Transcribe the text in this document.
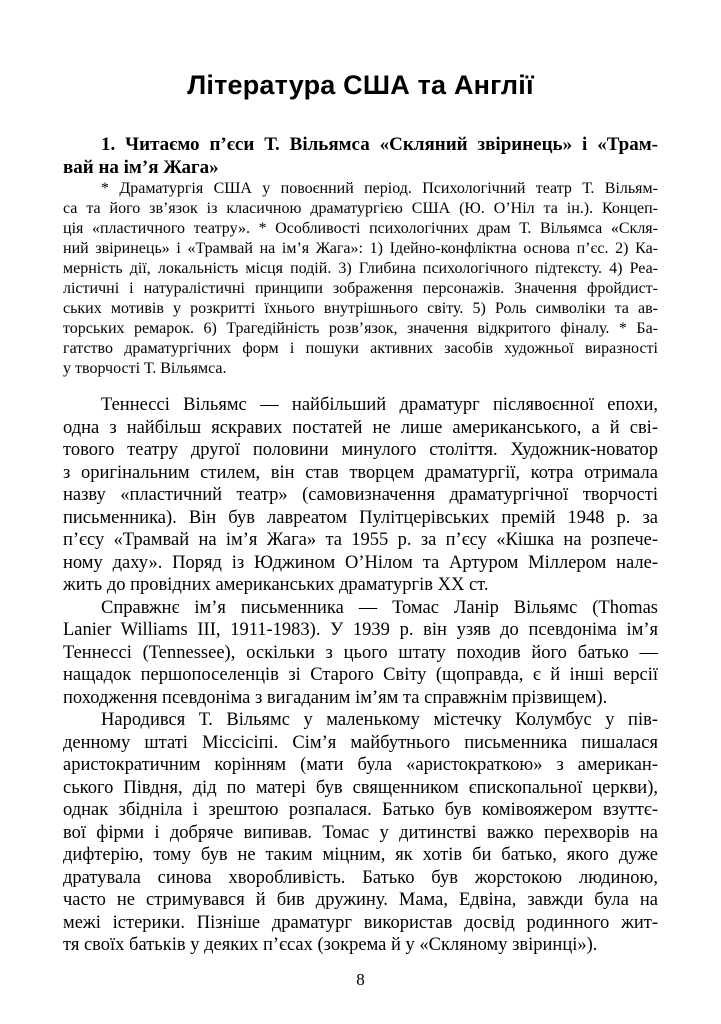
Література США та Англії
1. Читаємо п’єси Т. Вільямса «Скляний звіринець» і «Трам-
вай на ім’я Жага»
* Драматургія США у повоєнний період. Психологічний театр Т. Вільям-
са та його зв’язок із класичною драматургією США (Ю. О’Ніл та ін.). Концеп-
ція «пластичного театру». * Особливості психологічних драм Т. Вільямса «Скля-
ний звіринець» і «Трамвай на ім’я Жага»: 1) Ідейно-конфліктна основа п’єс. 2) Ка-
мерність дії, локальність місця подій. 3) Глибина психологічного підтексту. 4) Реа-
лістичні і натуралістичні принципи зображення персонажів. Значення фройдист-
ських мотивів у розкритті їхнього внутрішнього світу. 5) Роль символіки та ав-
торських ремарок. 6) Трагедійність розв’язок, значення відкритого фіналу. * Ба-
гатство драматургічних форм і пошуки активних засобів художньої виразності
у творчості Т. Вільямса.
Теннессі Вільямс — найбільший драматург післявоєнної епохи,
одна з найбільш яскравих постатей не лише американського, а й сві-
тового театру другої половини минулого століття. Художник-новатор
з оригінальним стилем, він став творцем драматургії, котра отримала
назву «пластичний театр» (самовизначення драматургічної творчості
письменника). Він був лавреатом Пулітцерівських премій 1948 р. за
п’єсу «Трамвай на ім’я Жага» та 1955 р. за п’єсу «Кішка на розпече-
ному даху». Поряд із Юджином О’Нілом та Артуром Міллером нале-
жить до провідних американських драматургів XX ст.
Справжнє ім’я письменника — Томас Ланір Вільямс (Thomas
Lanier Williams III, 1911-1983). У 1939 р. він узяв до псевдоніма ім’я
Теннессі (Tennessee), оскільки з цього штату походив його батько —
нащадок першопоселенців зі Старого Світу (щоправда, є й інші версії
походження псевдоніма з вигаданим ім’ям та справжнім прізвищем).
Народився Т. Вільямс у маленькому містечку Колумбус у пів-
денному штаті Міссісіпі. Сім’я майбутнього письменника пишалася
аристократичним корінням (мати була «аристократкою» з американ-
ського Півдня, дід по матері був священником єпископальної церкви),
однак збідніла і зрештою розпалася. Батько був комівояжером взуттє-
вої фірми і добряче випивав. Томас у дитинстві важко перехворів на
дифтерію, тому був не таким міцним, як хотів би батько, якого дуже
дратувала синова хворобливість. Батько був жорстокою людиною,
часто не стримувався й бив дружину. Мама, Едвіна, завжди була на
межі істерики. Пізніше драматург використав досвід родинного жит-
тя своїх батьків у деяких п’єсах (зокрема й у «Скляному звіринці»).
8
